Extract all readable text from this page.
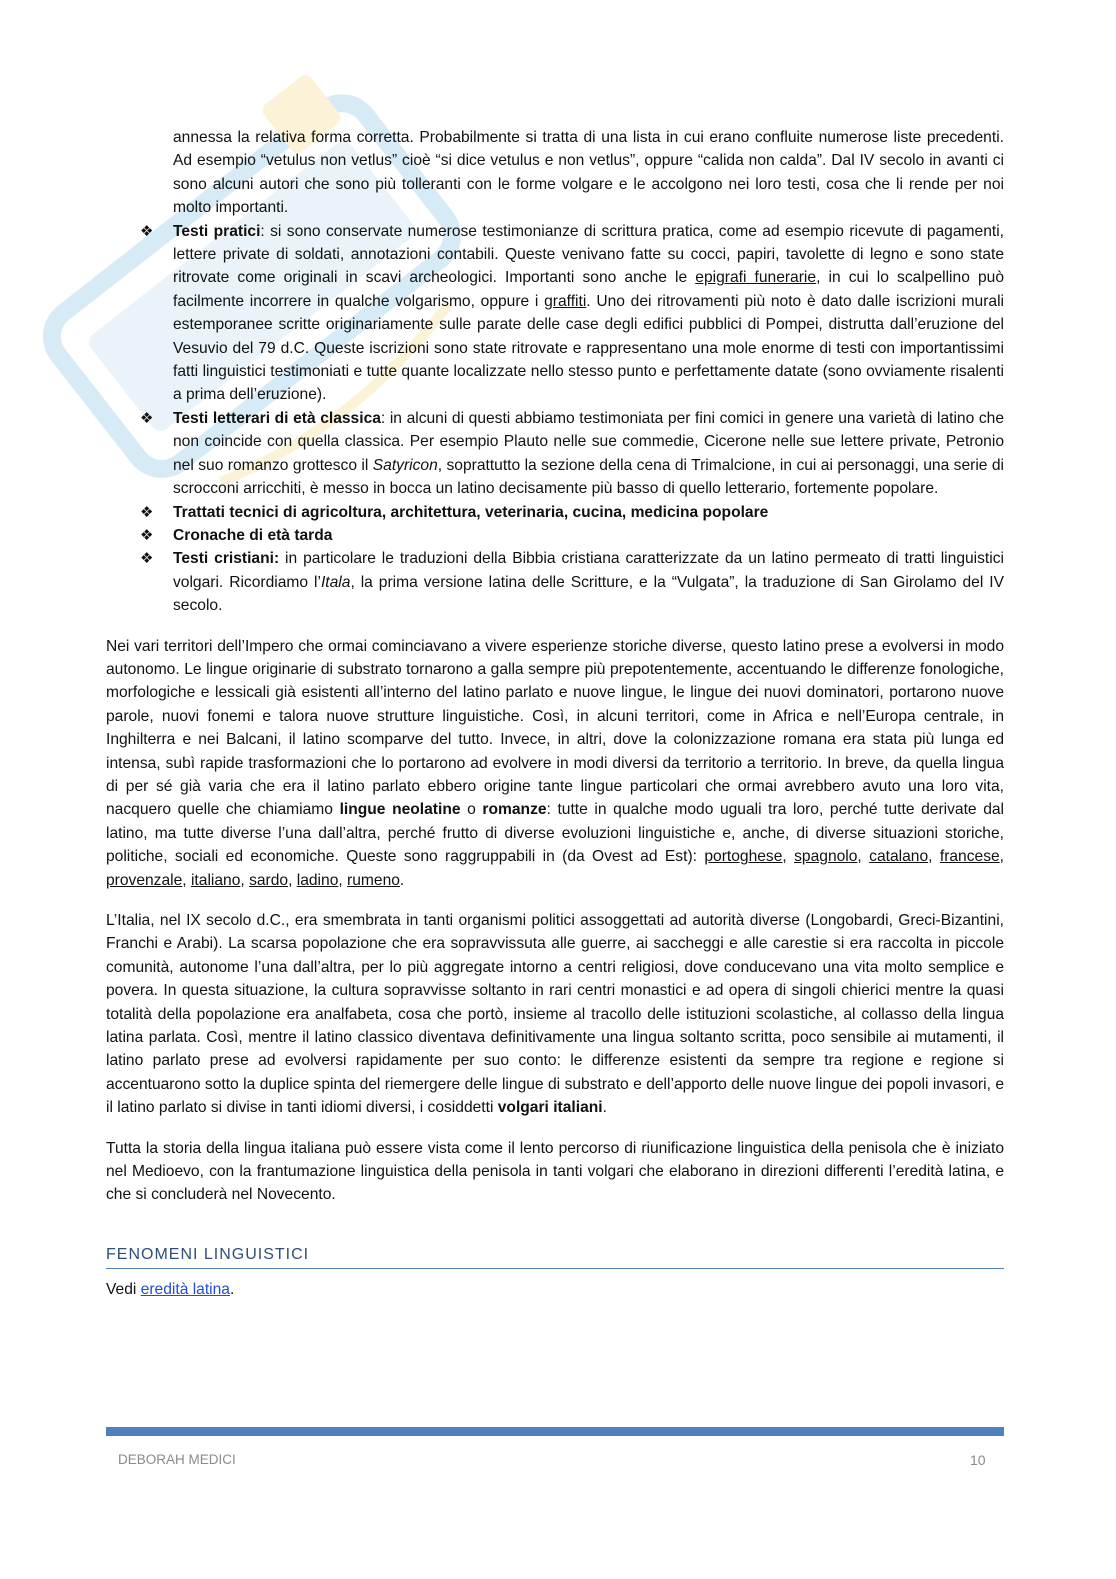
annessa la relativa forma corretta. Probabilmente si tratta di una lista in cui erano confluite numerose liste precedenti. Ad esempio “vetulus non vetlus” cioè “si dice vetulus e non vetlus”, oppure “calida non calda”. Dal IV secolo in avanti ci sono alcuni autori che sono più tolleranti con le forme volgare e le accolgono nei loro testi, cosa che li rende per noi molto importanti.

❖ Testi pratici: si sono conservate numerose testimonianze di scrittura pratica, come ad esempio ricevute di pagamenti, lettere private di soldati, annotazioni contabili. Queste venivano fatte su cocci, papiri, tavolette di legno e sono state ritrovate come originali in scavi archeologici. Importanti sono anche le epigrafi funerarie, in cui lo scalpellino può facilmente incorrere in qualche volgarismo, oppure i graffiti. Uno dei ritrovamenti più noto è dato dalle iscrizioni murali estemporanee scritte originariamente sulle parate delle case degli edifici pubblici di Pompei, distrutta dall’eruzione del Vesuvio del 79 d.C. Queste iscrizioni sono state ritrovate e rappresentano una mole enorme di testi con importantissimi fatti linguistici testimoniati e tutte quante localizzate nello stesso punto e perfettamente datate (sono ovviamente risalenti a prima dell’eruzione).
❖ Testi letterari di età classica: in alcuni di questi abbiamo testimoniata per fini comici in genere una varietà di latino che non coincide con quella classica. Per esempio Plauto nelle sue commedie, Cicerone nelle sue lettere private, Petronio nel suo romanzo grottesco il Satyricon, soprattutto la sezione della cena di Trimalcione, in cui ai personaggi, una serie di scrocconi arricchiti, è messo in bocca un latino decisamente più basso di quello letterario, fortemente popolare.
❖ Trattati tecnici di agricoltura, architettura, veterinaria, cucina, medicina popolare
❖ Cronache di età tarda
❖ Testi cristiani: in particolare le traduzioni della Bibbia cristiana caratterizzate da un latino permeato di tratti linguistici volgari. Ricordiamo l’Itala, la prima versione latina delle Scritture, e la “Vulgata”, la traduzione di San Girolamo del IV secolo.

Nei vari territori dell’Impero che ormai cominciavano a vivere esperienze storiche diverse, questo latino prese a evolversi in modo autonomo. Le lingue originarie di substrato tornarono a galla sempre più prepotentemente, accentuando le differenze fonologiche, morfologiche e lessicali già esistenti all’interno del latino parlato e nuove lingue, le lingue dei nuovi dominatori, portarono nuove parole, nuovi fonemi e talora nuove strutture linguistiche. Così, in alcuni territori, come in Africa e nell’Europa centrale, in Inghilterra e nei Balcani, il latino scomparve del tutto. Invece, in altri, dove la colonizzazione romana era stata più lunga ed intensa, subì rapide trasformazioni che lo portarono ad evolvere in modi diversi da territorio a territorio. In breve, da quella lingua di per sé già varia che era il latino parlato ebbero origine tante lingue particolari che ormai avrebbero avuto una loro vita, nacquero quelle che chiamiamo lingue neolatine o romanze: tutte in qualche modo uguali tra loro, perché tutte derivate dal latino, ma tutte diverse l’una dall’altra, perché frutto di diverse evoluzioni linguistiche e, anche, di diverse situazioni storiche, politiche, sociali ed economiche. Queste sono raggruppabili in (da Ovest ad Est): portoghese, spagnolo, catalano, francese, provenzale, italiano, sardo, ladino, rumeno.

L’Italia, nel IX secolo d.C., era smembrata in tanti organismi politici assoggettati ad autorità diverse (Longobardi, Greci-Bizantini, Franchi e Arabi). La scarsa popolazione che era sopravvissuta alle guerre, ai saccheggi e alle carestie si era raccolta in piccole comunità, autonome l’una dall’altra, per lo più aggregate intorno a centri religiosi, dove conducevano una vita molto semplice e povera. In questa situazione, la cultura sopravvisse soltanto in rari centri monastici e ad opera di singoli chierici mentre la quasi totalità della popolazione era analfabeta, cosa che portò, insieme al tracollo delle istituzioni scolastiche, al collasso della lingua latina parlata. Così, mentre il latino classico diventava definitivamente una lingua soltanto scritta, poco sensibile ai mutamenti, il latino parlato prese ad evolversi rapidamente per suo conto: le differenze esistenti da sempre tra regione e regione si accentuarono sotto la duplice spinta del riemergere delle lingue di substrato e dell’apporto delle nuove lingue dei popoli invasori, e il latino parlato si divise in tanti idiomi diversi, i cosiddetti volgari italiani.

Tutta la storia della lingua italiana può essere vista come il lento percorso di riunificazione linguistica della penisola che è iniziato nel Medioevo, con la frantumazione linguistica della penisola in tanti volgari che elaborano in direzioni differenti l’eredità latina, e che si concluderà nel Novecento.

FENOMENI LINGUISTICI

Vedi eredità latina.

DEBORAH MEDICI	10
